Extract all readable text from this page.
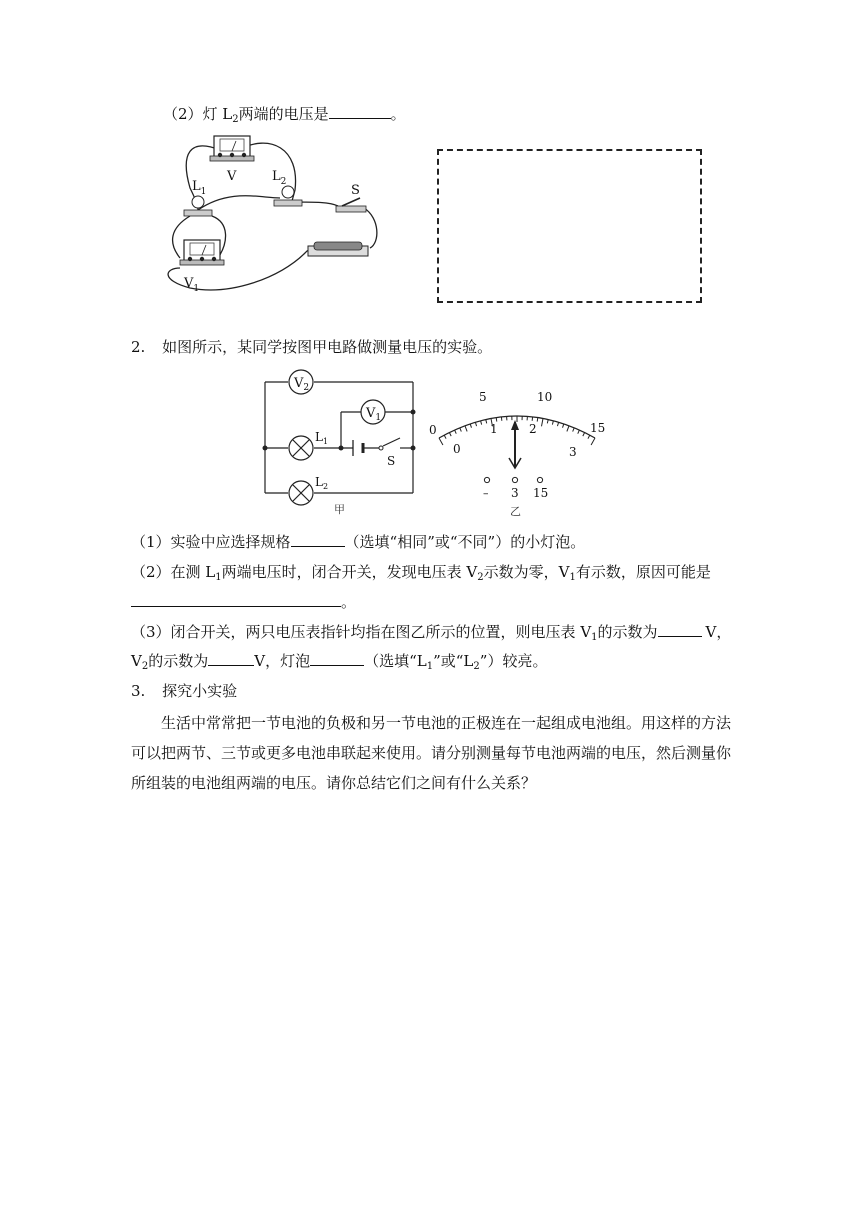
（2）灯 $L_2$两端的电压是	。
V
$L_1$
$L_2$
S
$V_1$
2. 如图所示，某同学按图甲电路做测量电压的实验。
$V_2$
$V_1$
$L_1$
S
$L_2$
甲
0
5	10
15
0
1	2
3
– 3 15
乙
（1）实验中应选择规格	（选填“相同”或“不同”）的小灯泡。
（2）在测 $L_1$两端电压时，闭合开关，发现电压表 $V_2$示数为零，$V_1$有示数，原因可能是
。
（3）闭合开关，两只电压表指针均指在图乙所示的位置，则电压表 $V_1$的示数为	V，
$V_2$的示数为	V，灯泡	（选填“$L_1$”或“$L_2$”）较亮。
3. 探究小实验
生活中常常把一节电池的负极和另一节电池的正极连在一起组成电池组。用这样的方法
可以把两节、三节或更多电池串联起来使用。请分别测量每节电池两端的电压，然后测量你
所组装的电池组两端的电压。请你总结它们之间有什么关系？
